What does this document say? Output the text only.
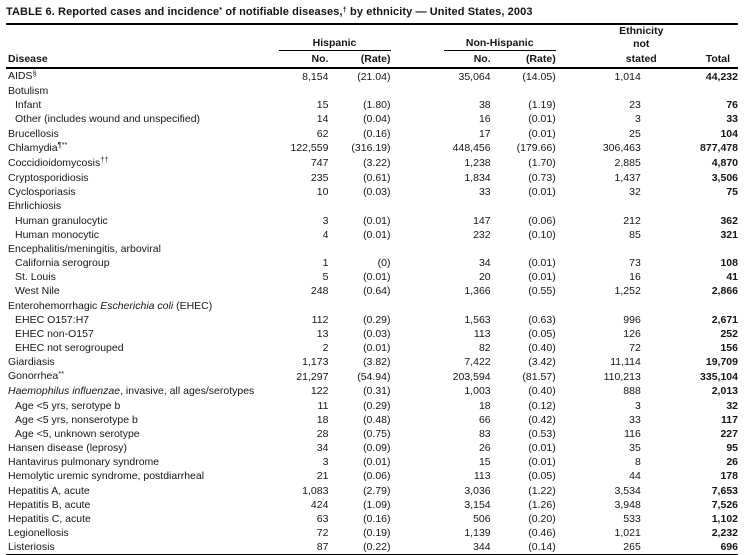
TABLE 6. Reported cases and incidence* of notifiable diseases,† by ethnicity — United States, 2003
			Ethnicity	

Hispanic	Non-Hispanic	not	
Disease	No.	(Rate)	No.	(Rate)	stated	Total
AIDS§	8,154	(21.04)	35,064	(14.05)	1,014	44,232
Botulism						
Infant	15	(1.80)	38	(1.19)	23	76
Other (includes wound and unspecified)	14	(0.04)	16	(0.01)	3	33
Brucellosis	62	(0.16)	17	(0.01)	25	104
Chlamydia¶**	122,559	(316.19)	448,456	(179.66)	306,463	877,478
Coccidioidomycosis††	747	(3.22)	1,238	(1.70)	2,885	4,870
Cryptosporidiosis	235	(0.61)	1,834	(0.73)	1,437	3,506
Cyclosporiasis	10	(0.03)	33	(0.01)	32	75
Ehrlichiosis						
Human granulocytic	3	(0.01)	147	(0.06)	212	362
Human monocytic	4	(0.01)	232	(0.10)	85	321
Encephalitis/meningitis, arboviral						
California serogroup	1	(0)	34	(0.01)	73	108
St. Louis	5	(0.01)	20	(0.01)	16	41
West Nile	248	(0.64)	1,366	(0.55)	1,252	2,866
Enterohemorrhagic Escherichia coli (EHEC)						
EHEC O157:H7	112	(0.29)	1,563	(0.63)	996	2,671
EHEC non-O157	13	(0.03)	113	(0.05)	126	252
EHEC not serogrouped	2	(0.01)	82	(0.40)	72	156
Giardiasis	1,173	(3.82)	7,422	(3.42)	11,114	19,709
Gonorrhea**	21,297	(54.94)	203,594	(81.57)	110,213	335,104
Haemophilus influenzae, invasive, all ages/serotypes	122	(0.31)	1,003	(0.40)	888	2,013
Age <5 yrs, serotype b	11	(0.29)	18	(0.12)	3	32
Age <5 yrs, nonserotype b	18	(0.48)	66	(0.42)	33	117
Age <5, unknown serotype	28	(0.75)	83	(0.53)	116	227
Hansen disease (leprosy)	34	(0.09)	26	(0.01)	35	95
Hantavirus pulmonary syndrome	3	(0.01)	15	(0.01)	8	26
Hemolytic uremic syndrome, postdiarrheal	21	(0.06)	113	(0.05)	44	178
Hepatitis A, acute	1,083	(2.79)	3,036	(1.22)	3,534	7,653
Hepatitis B, acute	424	(1.09)	3,154	(1.26)	3,948	7,526
Hepatitis C, acute	63	(0.16)	506	(0.20)	533	1,102
Legionellosis	72	(0.19)	1,139	(0.46)	1,021	2,232
Listeriosis	87	(0.22)	344	(0.14)	265	696
